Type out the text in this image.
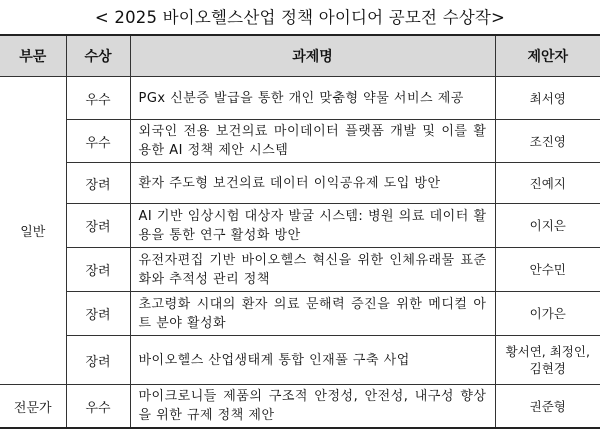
< 2025 바이오헬스산업 정책 아이디어 공모전 수상작>
부문	수상	과제명	제안자
일반	우수	PGx 신분증 발급을 통한 개인 맞춤형 약물 서비스 제공	최서영
	우수	외국인 전용 보건의료 마이데이터 플랫폼 개발 및 이를 활용한 AI 정책 제안 시스템	조진영
	장려	환자 주도형 보건의료 데이터 이익공유제 도입 방안	진예지
	장려	AI 기반 임상시험 대상자 발굴 시스템: 병원 의료 데이터 활용을 통한 연구 활성화 방안	이지은
	장려	유전자편집 기반 바이오헬스 혁신을 위한 인체유래물 표준화와 추적성 관리 정책	안수민
	장려	초고령화 시대의 환자 의료 문해력 증진을 위한 메디컬 아트 분야 활성화	이가은
	장려	바이오헬스 산업생태계 통합 인재풀 구축 사업	황서연, 최정인, 김현경
전문가	우수	마이크로니들 제품의 구조적 안정성, 안전성, 내구성 향상을 위한 규제 정책 제안	권준형
